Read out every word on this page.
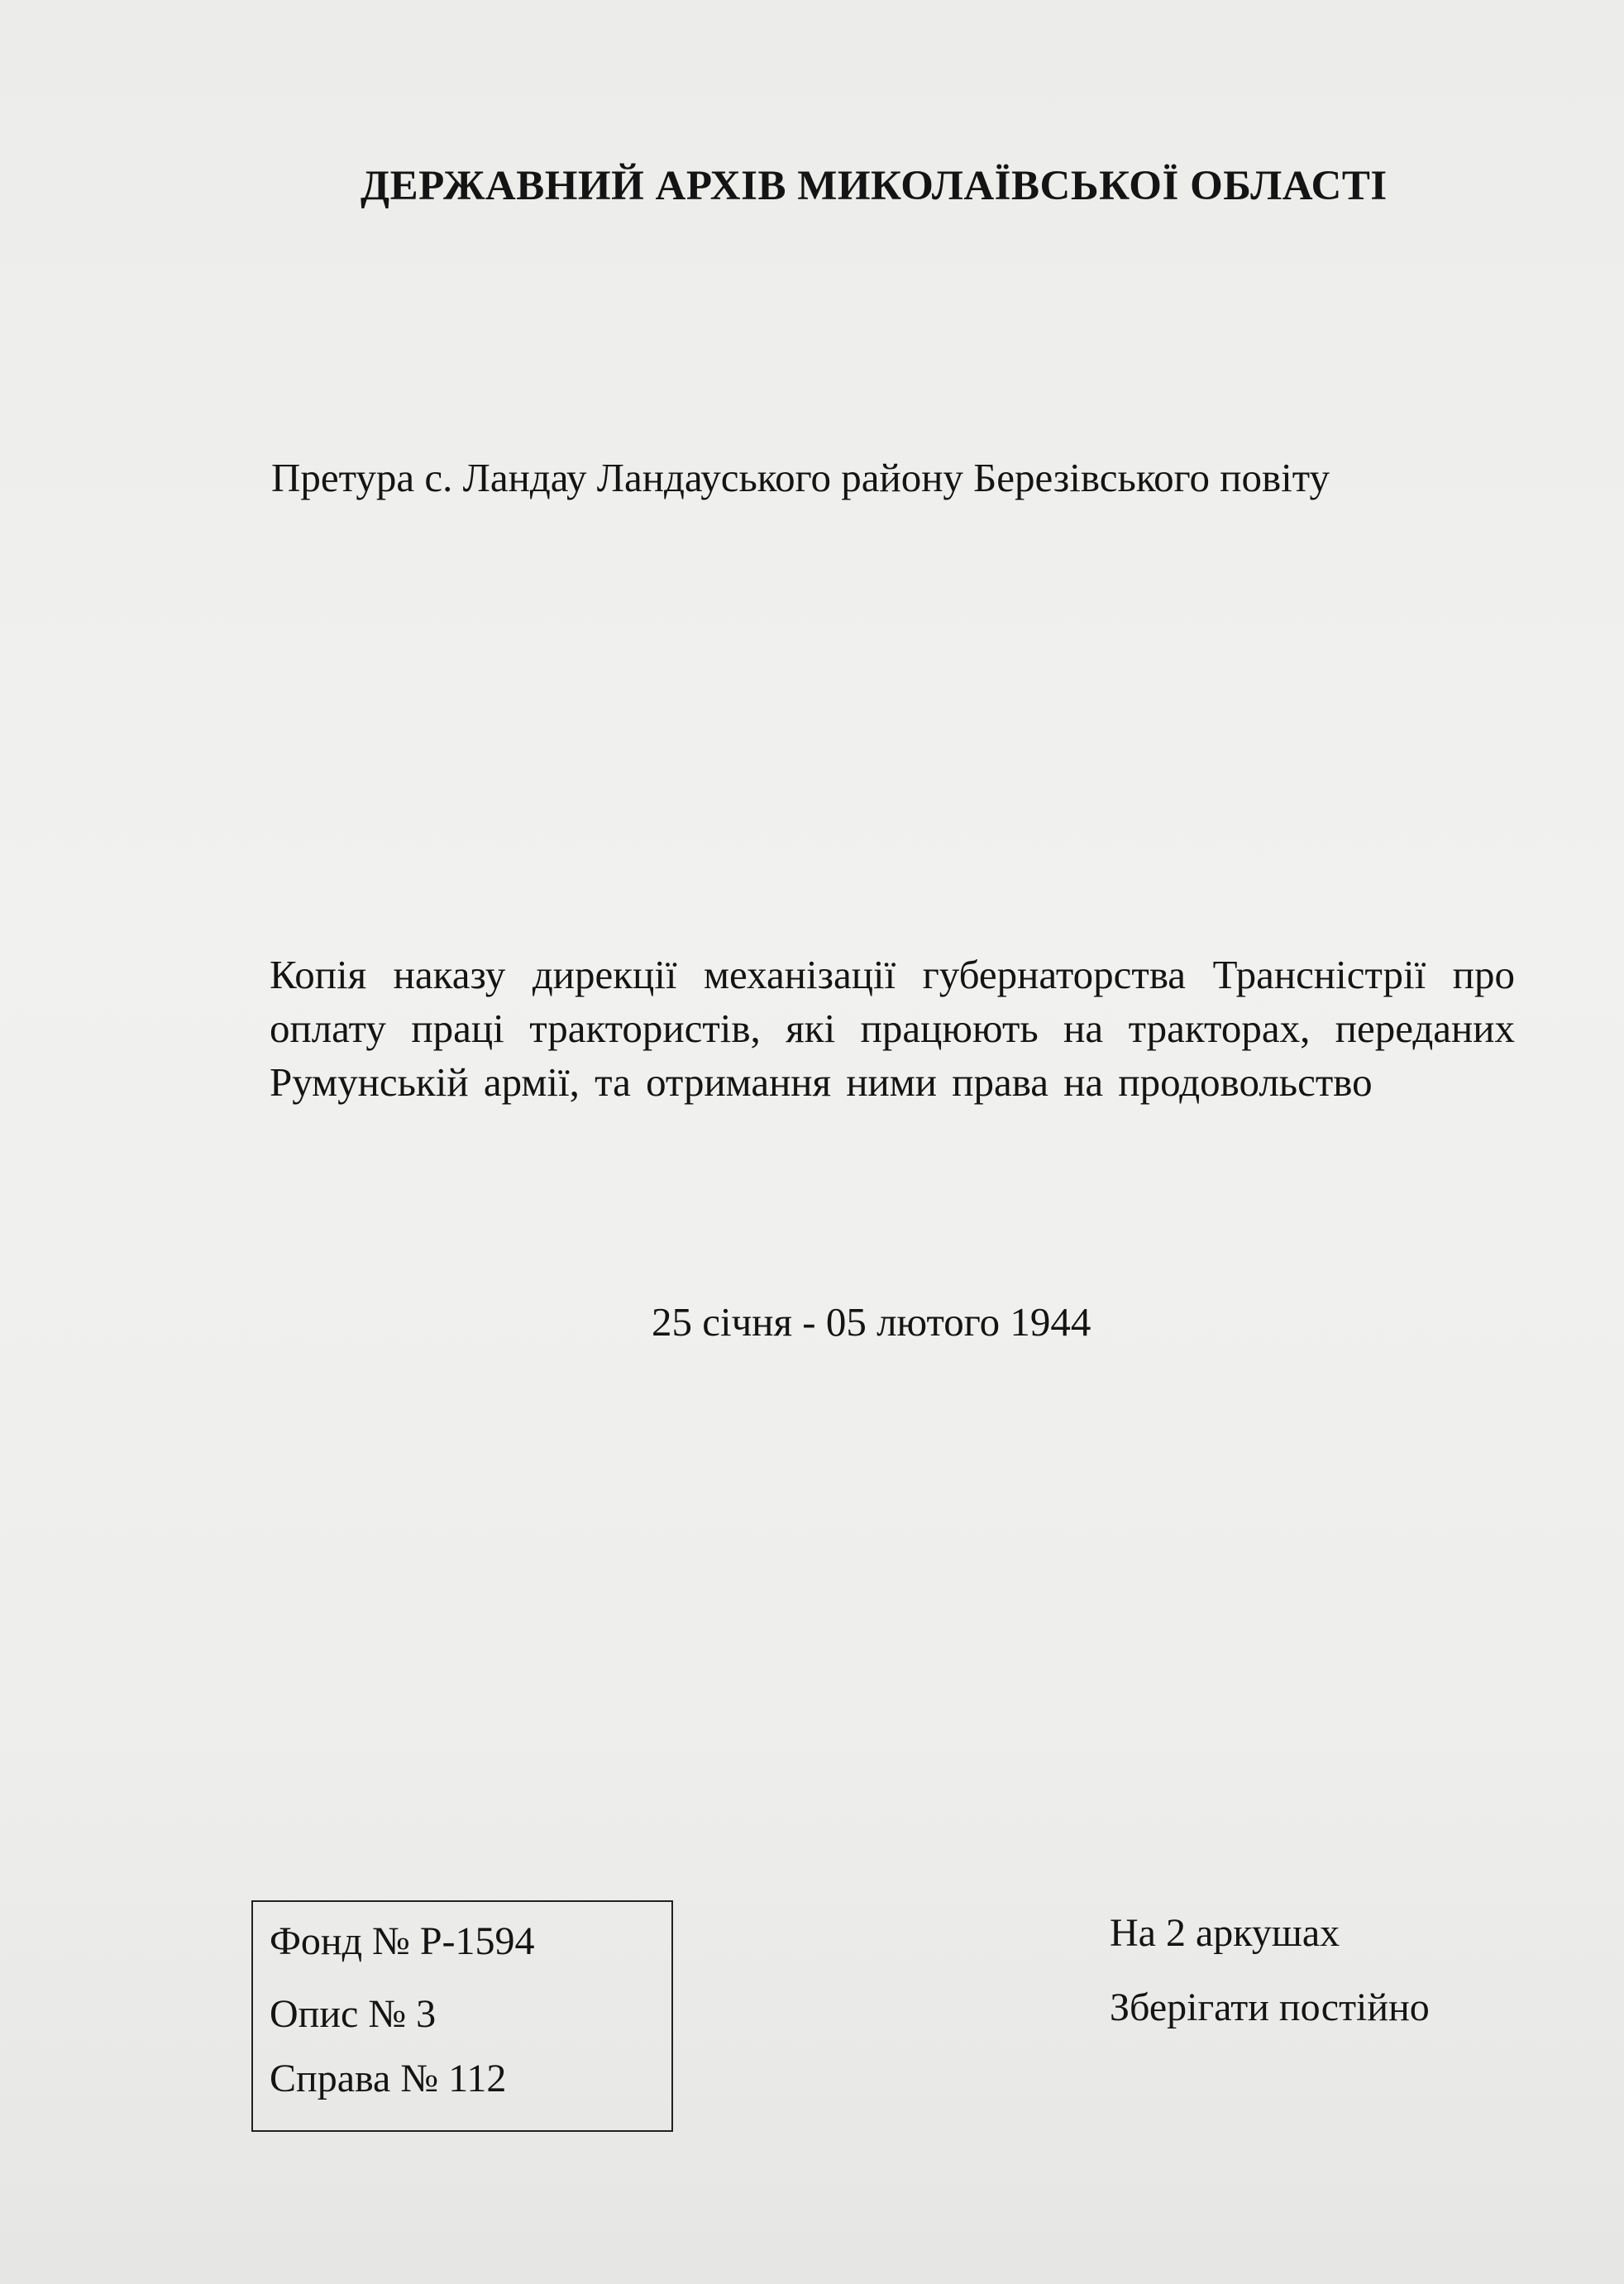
ДЕРЖАВНИЙ АРХІВ МИКОЛАЇВСЬКОЇ ОБЛАСТІ
Претура с. Ландау Ландауського району Березівського повіту
Копія наказу дирекції механізації губернаторства Трансністрії про оплату праці трактористів, які працюють на тракторах, переданих Румунській армії, та отримання ними права на продовольство
25 січня - 05 лютого 1944
Фонд № Р-1594
Опис № 3
Справа № 112
На 2 аркушах
Зберігати постійно
